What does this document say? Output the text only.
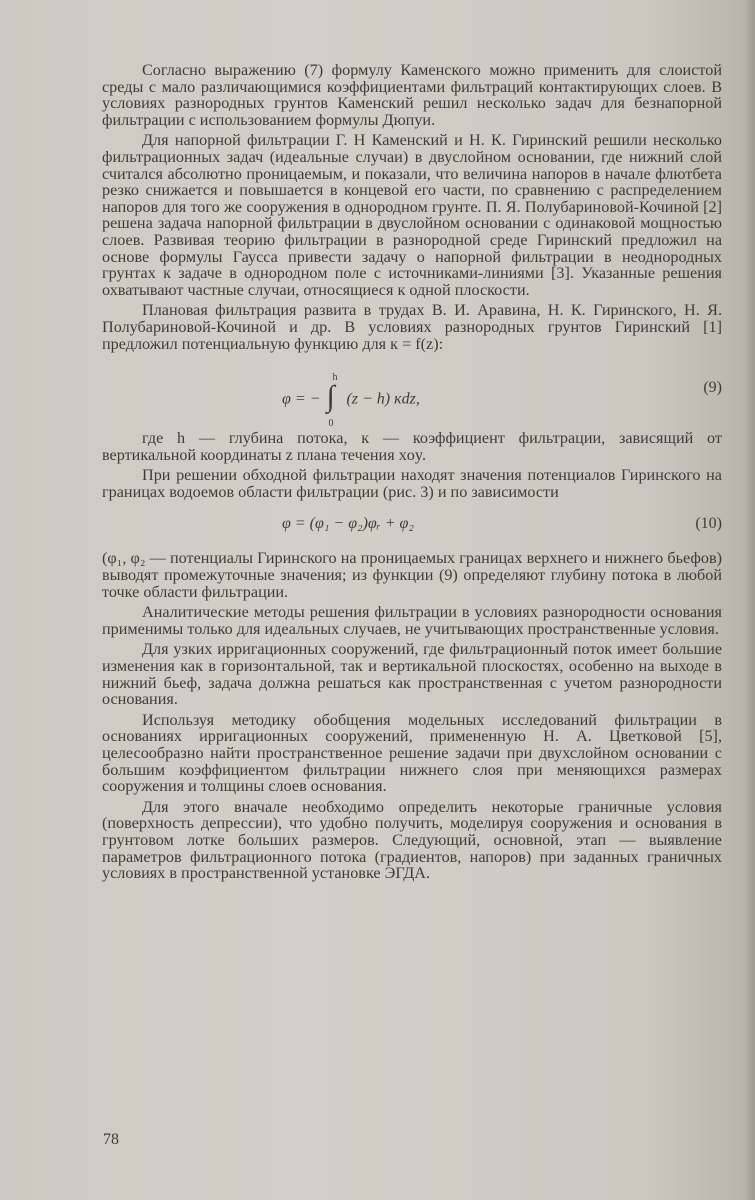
Согласно выражению (7) формулу Каменского можно применить для слоистой среды с мало различающимися коэффициентами фильтраций контактирующих слоев. В условиях разнородных грунтов Каменский решил несколько задач для безнапорной фильтрации с использованием формулы Дюпуи.

Для напорной фильтрации Г. Н Каменский и Н. К. Гиринский решили несколько фильтрационных задач (идеальные случаи) в двуслойном основании, где нижний слой считался абсолютно проницаемым, и показали, что величина напоров в начале флютбета резко снижается и повышается в концевой его части, по сравнению с распределением напоров для того же сооружения в однородном грунте. П. Я. Полубариновой-Кочиной [2] решена задача напорной фильтрации в двуслойном основании с одинаковой мощностью слоев. Развивая теорию фильтрации в разнородной среде Гиринский предложил на основе формулы Гаусса привести задачу о напорной фильтрации в неоднородных грунтах к задаче в однородном поле с источниками-линиями [3]. Указанные решения охватывают частные случаи, относящиеся к одной плоскости.

Плановая фильтрация развита в трудах В. И. Аравина, Н. К. Гиринского, Н. Я. Полубариновой-Кочиной и др. В условиях разнородных грунтов Гиринский [1] предложил потенциальную функцию для к = f(z):

φ = −
h
∫
0
(z − h) кdz,
(9)

где h — глубина потока, к — коэффициент фильтрации, зависящий от вертикальной координаты z плана течения xoy.

При решении обходной фильтрации находят значения потенциалов Гиринского на границах водоемов области фильтрации (рис. 3) и по зависимости

φ = (φ₁ − φ₂)φᵣ + φ₂	(10)

(φ₁, φ₂ — потенциалы Гиринского на проницаемых границах верхнего и нижнего бьефов) выводят промежуточные значения; из функции (9) определяют глубину потока в любой точке области фильтрации.

Аналитические методы решения фильтрации в условиях разнородности основания применимы только для идеальных случаев, не учитывающих пространственные условия.

Для узких ирригационных сооружений, где фильтрационный поток имеет большие изменения как в горизонтальной, так и вертикальной плоскостях, особенно на выходе в нижний бьеф, задача должна решаться как пространственная с учетом разнородности основания.

Используя методику обобщения модельных исследований фильтрации в основаниях ирригационных сооружений, примененную Н. А. Цветковой [5], целесообразно найти пространственное решение задачи при двухслойном основании с большим коэффициентом фильтрации нижнего слоя при меняющихся размерах сооружения и толщины слоев основания.

Для этого вначале необходимо определить некоторые граничные условия (поверхность депрессии), что удобно получить, моделируя сооружения и основания в грунтовом лотке больших размеров. Следующий, основной, этап — выявление параметров фильтрационного потока (градиентов, напоров) при заданных граничных условиях в пространственной установке ЭГДА.

78
